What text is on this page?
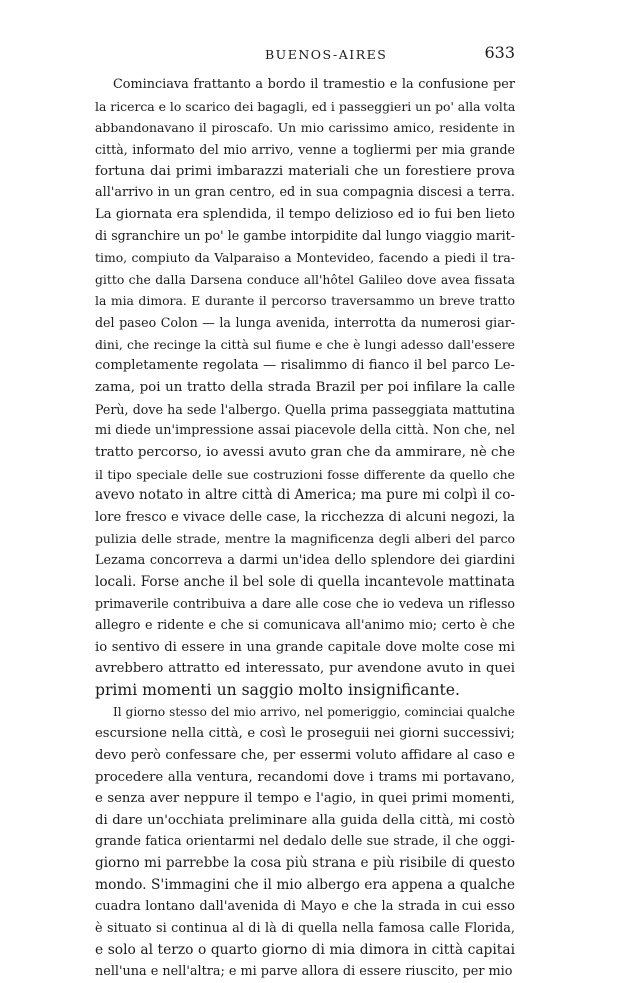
BUENOS-AIRES	633
Cominciava frattanto a bordo il tramestio e la confusione per
la ricerca e lo scarico dei bagagli, ed i passeggieri un po' alla volta
abbandonavano il piroscafo. Un mio carissimo amico, residente in
città, informato del mio arrivo, venne a togliermi per mia grande
fortuna dai primi imbarazzi materiali che un forestiere prova
all'arrivo in un gran centro, ed in sua compagnia discesi a terra.
La giornata era splendida, il tempo delizioso ed io fui ben lieto
di sgranchire un po' le gambe intorpidite dal lungo viaggio marit-
timo, compiuto da Valparaiso a Montevideo, facendo a piedi il tra-
gitto che dalla Darsena conduce all'hôtel Galileo dove avea fissata
la mia dimora. E durante il percorso traversammo un breve tratto
del paseo Colon — la lunga avenida, interrotta da numerosi giar-
dini, che recinge la città sul fiume e che è lungi adesso dall'essere
completamente regolata — risalimmo di fianco il bel parco Le-
zama, poi un tratto della strada Brazil per poi infilare la calle
Perù, dove ha sede l'albergo. Quella prima passeggiata mattutina
mi diede un'impressione assai piacevole della città. Non che, nel
tratto percorso, io avessi avuto gran che da ammirare, nè che
il tipo speciale delle sue costruzioni fosse differente da quello che
avevo notato in altre città di America; ma pure mi colpì il co-
lore fresco e vivace delle case, la ricchezza di alcuni negozi, la
pulizia delle strade, mentre la magnificenza degli alberi del parco
Lezama concorreva a darmi un'idea dello splendore dei giardini
locali. Forse anche il bel sole di quella incantevole mattinata
primaverile contribuiva a dare alle cose che io vedeva un riflesso
allegro e ridente e che si comunicava all'animo mio; certo è che
io sentivo di essere in una grande capitale dove molte cose mi
avrebbero attratto ed interessato, pur avendone avuto in quei
primi momenti un saggio molto insignificante.
Il giorno stesso del mio arrivo, nel pomeriggio, cominciai qualche
escursione nella città, e così le proseguii nei giorni successivi;
devo però confessare che, per essermi voluto affidare al caso e
procedere alla ventura, recandomi dove i trams mi portavano,
e senza aver neppure il tempo e l'agio, in quei primi momenti,
di dare un'occhiata preliminare alla guida della città, mi costò
grande fatica orientarmi nel dedalo delle sue strade, il che oggi-
giorno mi parrebbe la cosa più strana e più risibile di questo
mondo. S'immagini che il mio albergo era appena a qualche
cuadra lontano dall'avenida di Mayo e che la strada in cui esso
è situato si continua al di là di quella nella famosa calle Florida,
e solo al terzo o quarto giorno di mia dimora in città capitai
nell'una e nell'altra; e mi parve allora di essere riuscito, per mio
